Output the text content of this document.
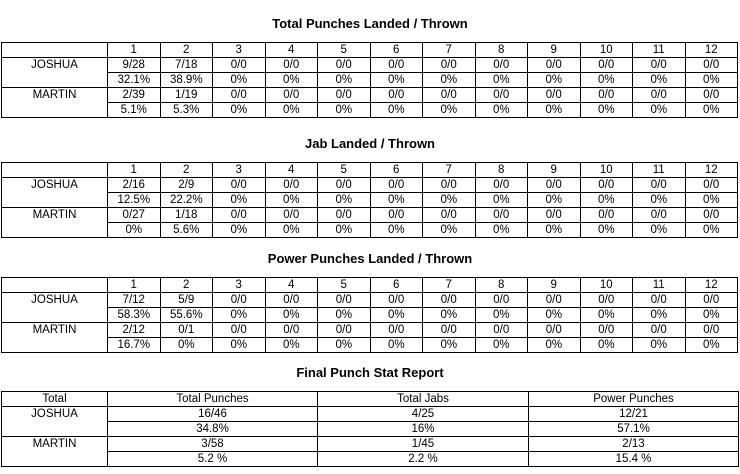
Total Punches Landed / Thrown
	1	2	3	4	5	6	7	8	9	10	11	12
JOSHUA	9/28	7/18	0/0	0/0	0/0	0/0	0/0	0/0	0/0	0/0	0/0	0/0
	32.1%	38.9%	0%	0%	0%	0%	0%	0%	0%	0%	0%	0%
MARTIN	2/39	1/19	0/0	0/0	0/0	0/0	0/0	0/0	0/0	0/0	0/0	0/0
	5.1%	5.3%	0%	0%	0%	0%	0%	0%	0%	0%	0%	0%
Jab Landed / Thrown
	1	2	3	4	5	6	7	8	9	10	11	12
JOSHUA	2/16	2/9	0/0	0/0	0/0	0/0	0/0	0/0	0/0	0/0	0/0	0/0
	12.5%	22.2%	0%	0%	0%	0%	0%	0%	0%	0%	0%	0%
MARTIN	0/27	1/18	0/0	0/0	0/0	0/0	0/0	0/0	0/0	0/0	0/0	0/0
	0%	5.6%	0%	0%	0%	0%	0%	0%	0%	0%	0%	0%
Power Punches Landed / Thrown
	1	2	3	4	5	6	7	8	9	10	11	12
JOSHUA	7/12	5/9	0/0	0/0	0/0	0/0	0/0	0/0	0/0	0/0	0/0	0/0
	58.3%	55.6%	0%	0%	0%	0%	0%	0%	0%	0%	0%	0%
MARTIN	2/12	0/1	0/0	0/0	0/0	0/0	0/0	0/0	0/0	0/0	0/0	0/0
	16.7%	0%	0%	0%	0%	0%	0%	0%	0%	0%	0%	0%
Final Punch Stat Report
Total	Total Punches	Total Jabs	Power Punches
JOSHUA	16/46	4/25	12/21
	34.8%	16%	57.1%
MARTIN	3/58	1/45	2/13
	5.2 %	2.2 %	15.4 %
